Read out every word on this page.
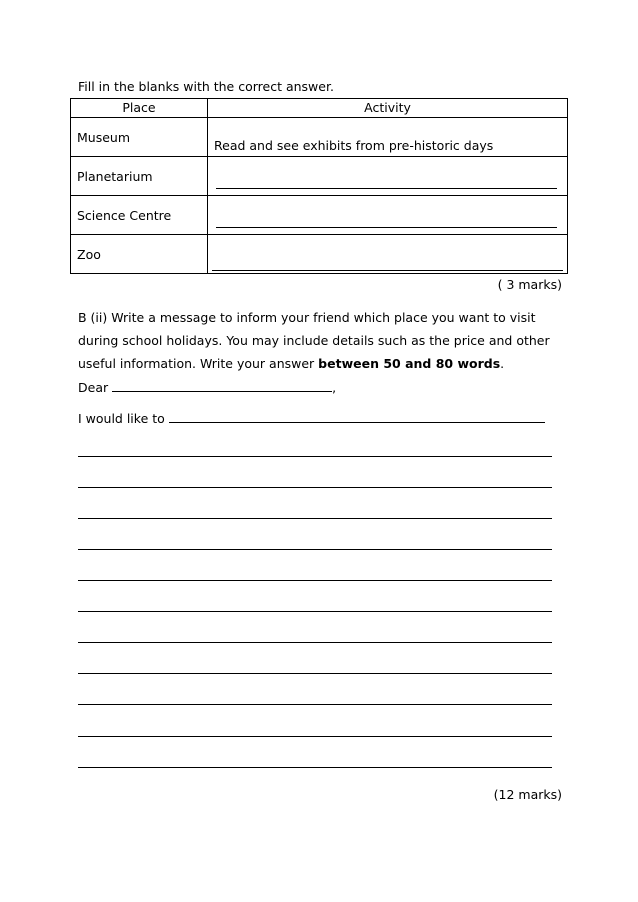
Fill in the blanks with the correct answer.
Place	Activity

Museum	Read and see exhibits from pre-historic days

Planetarium	

Science Centre	

Zoo	

( 3 marks)
B (ii) Write a message to inform your friend which place you want to visit during school holidays. You may include details such as the price and other useful information. Write your answer between 50 and 80 words.
Dear	,
I would like to
(12 marks)
